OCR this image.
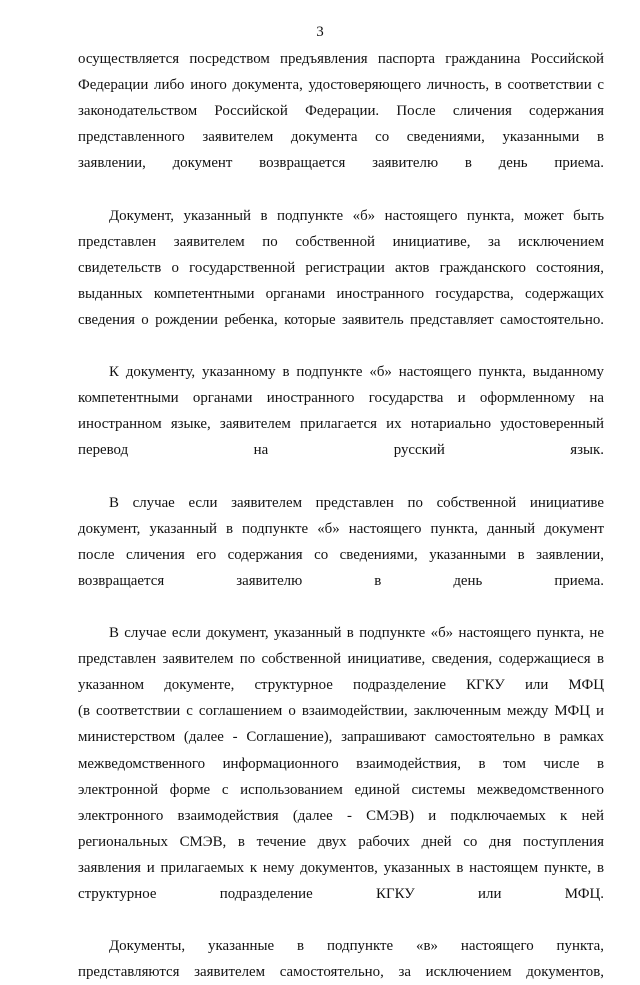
3
осуществляется посредством предъявления паспорта гражданина Российской
Федерации либо иного документа, удостоверяющего личность, в соответствии с
законодательством Российской Федерации. После сличения содержания
представленного заявителем документа со сведениями, указанными в
заявлении, документ возвращается заявителю в день приема.
Документ, указанный в подпункте «б» настоящего пункта, может быть
представлен заявителем по собственной инициативе, за исключением
свидетельств о государственной регистрации актов гражданского состояния,
выданных компетентными органами иностранного государства, содержащих
сведения о рождении ребенка, которые заявитель представляет самостоятельно.
К документу, указанному в подпункте «б» настоящего пункта, выданному
компетентными органами иностранного государства и оформленному на
иностранном языке, заявителем прилагается их нотариально удостоверенный
перевод на русский язык.
В случае если заявителем представлен по собственной инициативе
документ, указанный в подпункте «б» настоящего пункта, данный документ
после сличения его содержания со сведениями, указанными в заявлении,
возвращается заявителю в день приема.
В случае если документ, указанный в подпункте «б» настоящего пункта, не
представлен заявителем по собственной инициативе, сведения, содержащиеся в
указанном документе, структурное подразделение КГКУ или МФЦ
(в соответствии с соглашением о взаимодействии, заключенным между МФЦ и
министерством (далее - Соглашение), запрашивают самостоятельно в рамках
межведомственного информационного взаимодействия, в том числе в
электронной форме с использованием единой системы межведомственного
электронного взаимодействия (далее - СМЭВ) и подключаемых к ней
региональных СМЭВ, в течение двух рабочих дней со дня поступления
заявления и прилагаемых к нему документов, указанных в настоящем пункте, в
структурное подразделение КГКУ или МФЦ.
Документы, указанные в подпункте «в» настоящего пункта,
представляются заявителем самостоятельно, за исключением документов,
